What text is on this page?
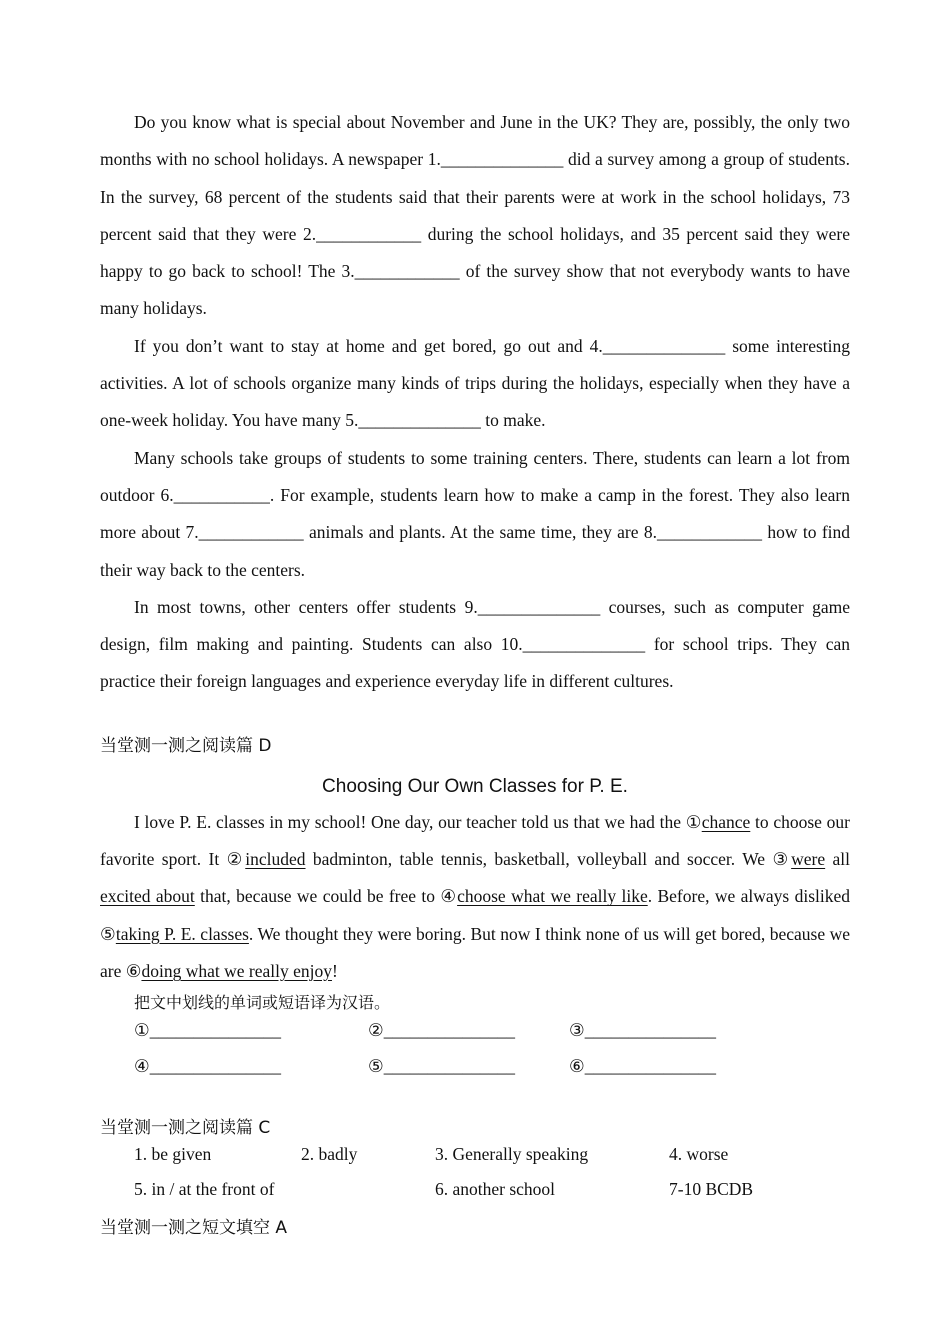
Do you know what is special about November and June in the UK? They are, possibly, the only two months with no school holidays. A newspaper 1.______________ did a survey among a group of students. In the survey, 68 percent of the students said that their parents were at work in the school holidays, 73 percent said that they were 2.____________ during the school holidays, and 35 percent said they were happy to go back to school! The 3.____________ of the survey show that not everybody wants to have many holidays.

If you don’t want to stay at home and get bored, go out and 4.______________ some interesting activities. A lot of schools organize many kinds of trips during the holidays, especially when they have a one-week holiday. You have many 5.______________ to make.

Many schools take groups of students to some training centers. There, students can learn a lot from outdoor 6.___________. For example, students learn how to make a camp in the forest. They also learn more about 7.____________ animals and plants. At the same time, they are 8.____________ how to find their way back to the centers.

In most towns, other centers offer students 9.______________ courses, such as computer game design, film making and painting. Students can also 10.______________ for school trips. They can practice their foreign languages and experience everyday life in different cultures.

当堂测一测之阅读篇 D
Choosing Our Own Classes for P. E.

I love P. E. classes in my school! One day, our teacher told us that we had the ①chance to choose our favorite sport. It ②included badminton, table tennis, basketball, volleyball and soccer. We ③were all excited about that, because we could be free to ④choose what we really like. Before, we always disliked ⑤taking P. E. classes. We thought they were boring. But now I think none of us will get bored, because we are ⑥doing what we really enjoy!

把文中划线的单词或短语译为汉语。
①_______________	②_______________	③_______________
④_______________	⑤_______________	⑥_______________
当堂测一测之阅读篇 C
1. be given	2. badly	3. Generally speaking	4. worse
5. in / at the front of	6. another school	7-10 BCDB
当堂测一测之短文填空 A
